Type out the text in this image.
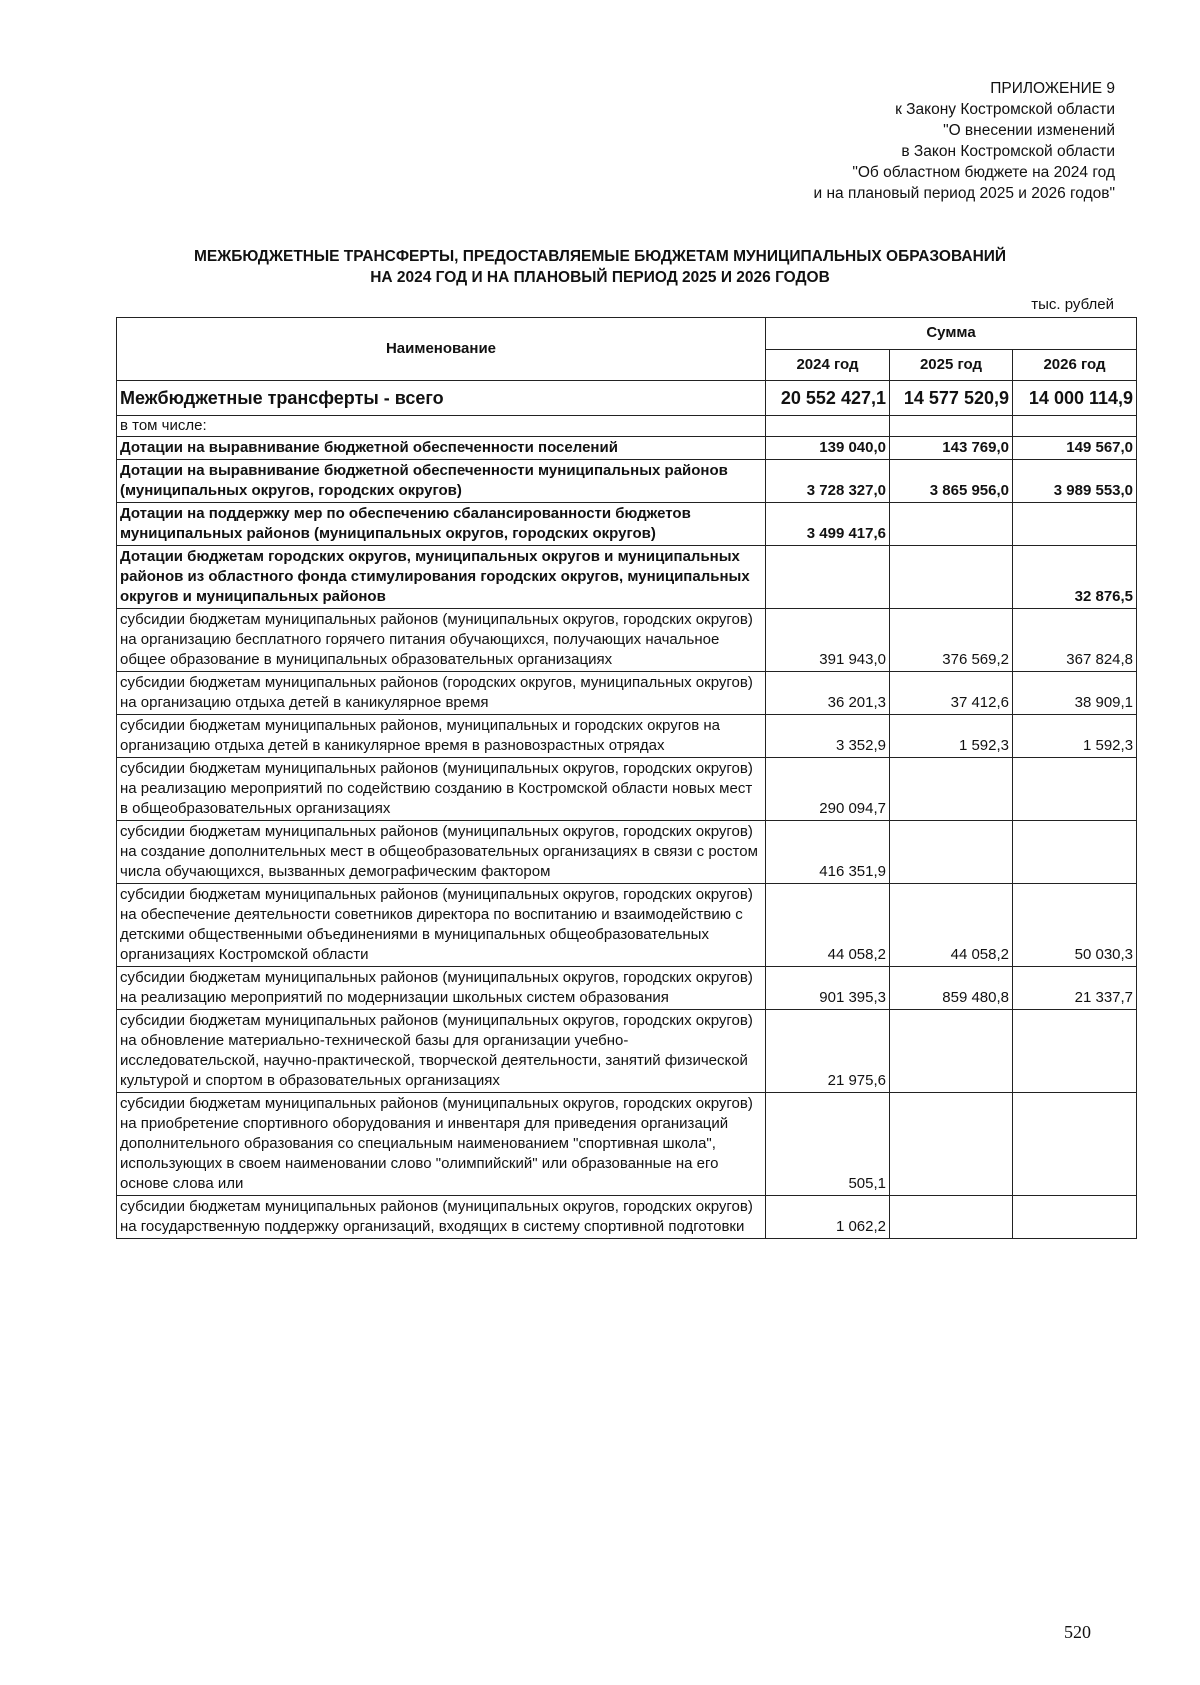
ПРИЛОЖЕНИЕ 9
к Закону Костромской области
"О внесении изменений
в Закон Костромской области
"Об областном бюджете на 2024 год
и на плановый период 2025 и 2026 годов"
МЕЖБЮДЖЕТНЫЕ ТРАНСФЕРТЫ, ПРЕДОСТАВЛЯЕМЫЕ БЮДЖЕТАМ МУНИЦИПАЛЬНЫХ ОБРАЗОВАНИЙ
НА 2024 ГОД И НА ПЛАНОВЫЙ ПЕРИОД 2025 И 2026 ГОДОВ
тыс. рублей
Наименование	Сумма		
	2024 год	2025 год	2026 год
Межбюджетные трансферты - всего	20 552 427,1	14 577 520,9	14 000 114,9
в том числе:			
Дотации на выравнивание бюджетной обеспеченности поселений	139 040,0	143 769,0	149 567,0
Дотации на выравнивание бюджетной обеспеченности муниципальных районов (муниципальных округов, городских округов)	3 728 327,0	3 865 956,0	3 989 553,0
Дотации на поддержку мер по обеспечению сбалансированности бюджетов муниципальных районов (муниципальных округов, городских округов)	3 499 417,6		
Дотации бюджетам городских округов, муниципальных округов и муниципальных районов из областного фонда стимулирования городских округов, муниципальных округов и муниципальных районов			32 876,5
субсидии бюджетам муниципальных районов (муниципальных округов, городских округов) на организацию бесплатного горячего питания обучающихся, получающих начальное общее образование в муниципальных образовательных организациях	391 943,0	376 569,2	367 824,8
субсидии бюджетам муниципальных районов (городских округов, муниципальных округов) на организацию отдыха детей в каникулярное время	36 201,3	37 412,6	38 909,1
субсидии бюджетам муниципальных районов, муниципальных и городских округов на организацию отдыха детей в каникулярное время в разновозрастных отрядах	3 352,9	1 592,3	1 592,3
субсидии бюджетам муниципальных районов (муниципальных округов, городских округов) на реализацию мероприятий по содействию созданию в Костромской области новых мест в общеобразовательных организациях	290 094,7		
субсидии бюджетам муниципальных районов (муниципальных округов, городских округов) на создание дополнительных мест в общеобразовательных организациях в связи с ростом числа обучающихся, вызванных демографическим фактором	416 351,9		
субсидии бюджетам муниципальных районов (муниципальных округов, городских округов) на обеспечение деятельности советников директора по воспитанию и взаимодействию с детскими общественными объединениями в муниципальных общеобразовательных организациях Костромской области	44 058,2	44 058,2	50 030,3
субсидии бюджетам муниципальных районов (муниципальных округов, городских округов) на реализацию мероприятий по модернизации школьных систем образования	901 395,3	859 480,8	21 337,7
субсидии бюджетам муниципальных районов (муниципальных округов, городских округов) на обновление материально-технической базы для организации учебно-исследовательской, научно-практической, творческой деятельности, занятий физической культурой и спортом в образовательных организациях	21 975,6		
субсидии бюджетам муниципальных районов (муниципальных округов, городских округов) на приобретение спортивного оборудования и инвентаря для приведения организаций дополнительного образования со специальным наименованием "спортивная школа", использующих в своем наименовании слово "олимпийский" или образованные на его основе слова или	505,1		
субсидии бюджетам муниципальных районов (муниципальных округов, городских округов) на государственную поддержку организаций, входящих в систему спортивной подготовки	1 062,2		
520
